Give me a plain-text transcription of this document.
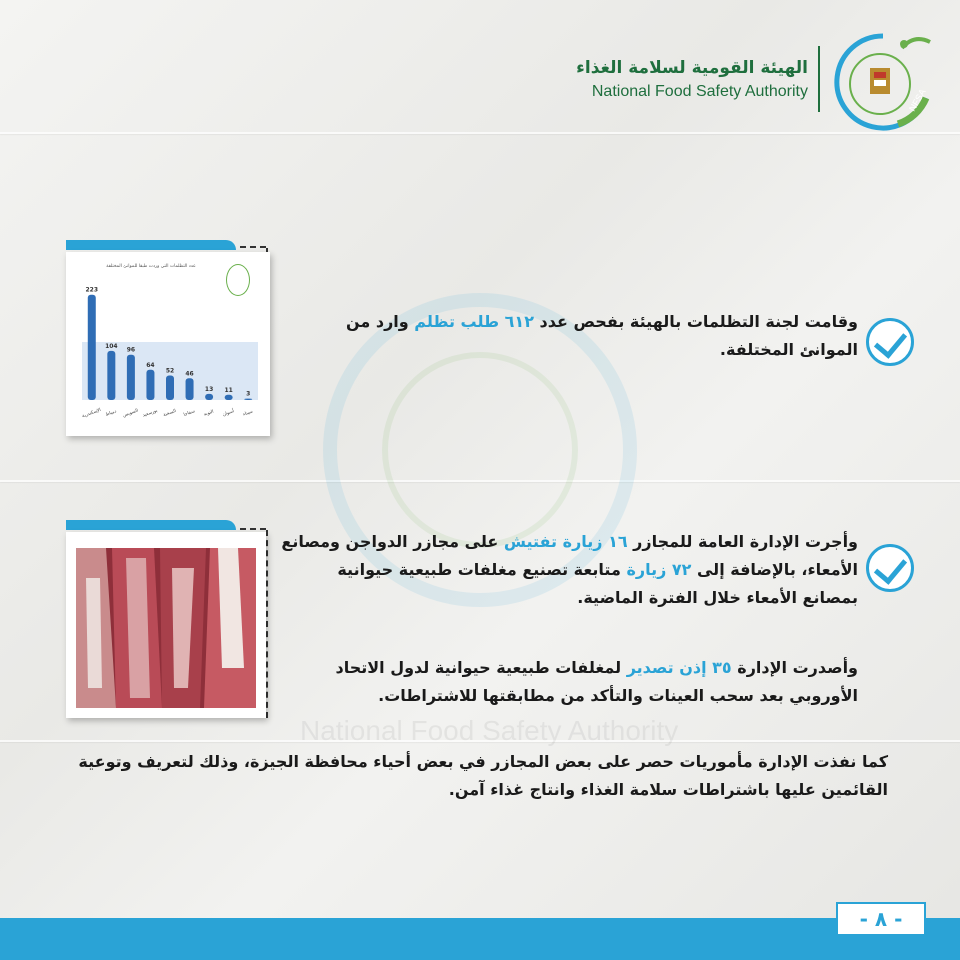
الهيئة القومية لسلامة الغذاء
National Food Safety Authority	NFSA
عدد التظلمات التي وردت طبقا للموانئ المختلفة
223
الإسكندرية
104
دمياط
96
السويس
64
بورسعيد
52
السخنة
46
سفاجا
13
النوبة
11
أسوان
3
سيناء
وقامت لجنة التظلمات بالهيئة بفحص عدد ٦١٢ طلب تظلم وارد من الموانئ المختلفة.
وأجرت الإدارة العامة للمجازر ١٦ زيارة تفتيش على مجازر الدواجن ومصانع الأمعاء، بالإضافة إلى ٧٢ زيارة متابعة تصنيع مغلفات طبيعية حيوانية بمصانع الأمعاء خلال الفترة الماضية.
وأصدرت الإدارة ٣٥ إذن تصدير لمغلفات طبيعية حيوانية لدول الاتحاد الأوروبي بعد سحب العينات والتأكد من مطابقتها للاشتراطات.
National Food Safety Authority
كما نفذت الإدارة مأموريات حصر على بعض المجازر في بعض أحياء محافظة الجيزة، وذلك لتعريف وتوعية القائمين عليها باشتراطات سلامة الغذاء وانتاج غذاء آمن.
- ٨ -
